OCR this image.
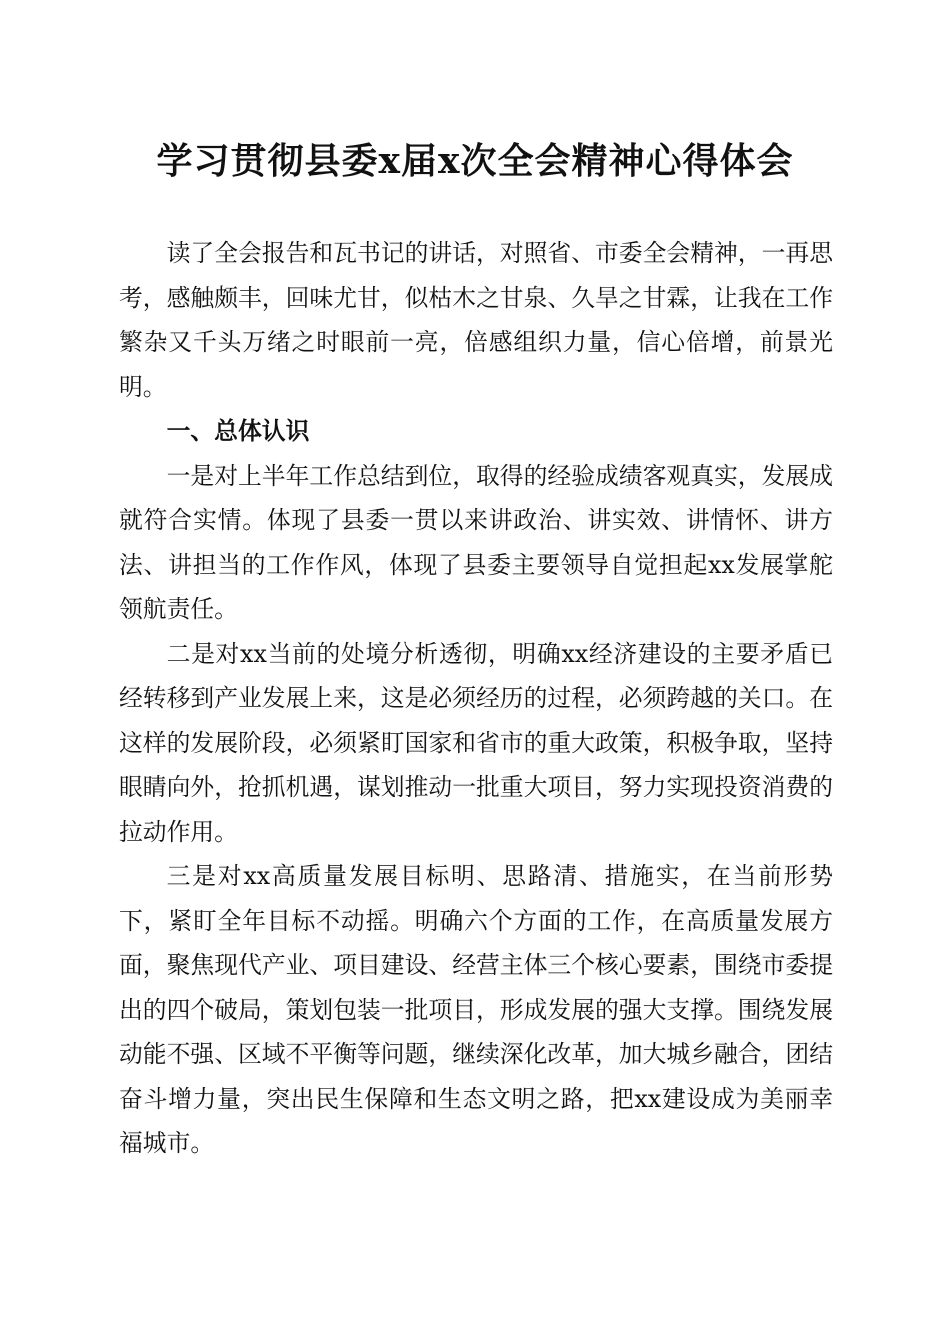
学习贯彻县委x届x次全会精神心得体会

读了全会报告和瓦书记的讲话，对照省、市委全会精神，一再思考，感触颇丰，回味尤甘，似枯木之甘泉、久旱之甘霖，让我在工作繁杂又千头万绪之时眼前一亮，倍感组织力量，信心倍增，前景光明。

一、总体认识

一是对上半年工作总结到位，取得的经验成绩客观真实，发展成就符合实情。体现了县委一贯以来讲政治、讲实效、讲情怀、讲方法、讲担当的工作作风，体现了县委主要领导自觉担起xx发展掌舵领航责任。

二是对xx当前的处境分析透彻，明确xx经济建设的主要矛盾已经转移到产业发展上来，这是必须经历的过程，必须跨越的关口。在这样的发展阶段，必须紧盯国家和省市的重大政策，积极争取，坚持眼睛向外，抢抓机遇，谋划推动一批重大项目，努力实现投资消费的拉动作用。

三是对xx高质量发展目标明、思路清、措施实，在当前形势下，紧盯全年目标不动摇。明确六个方面的工作，在高质量发展方面，聚焦现代产业、项目建设、经营主体三个核心要素，围绕市委提出的四个破局，策划包装一批项目，形成发展的强大支撑。围绕发展动能不强、区域不平衡等问题，继续深化改革，加大城乡融合，团结奋斗增力量，突出民生保障和生态文明之路，把xx建设成为美丽幸福城市。
